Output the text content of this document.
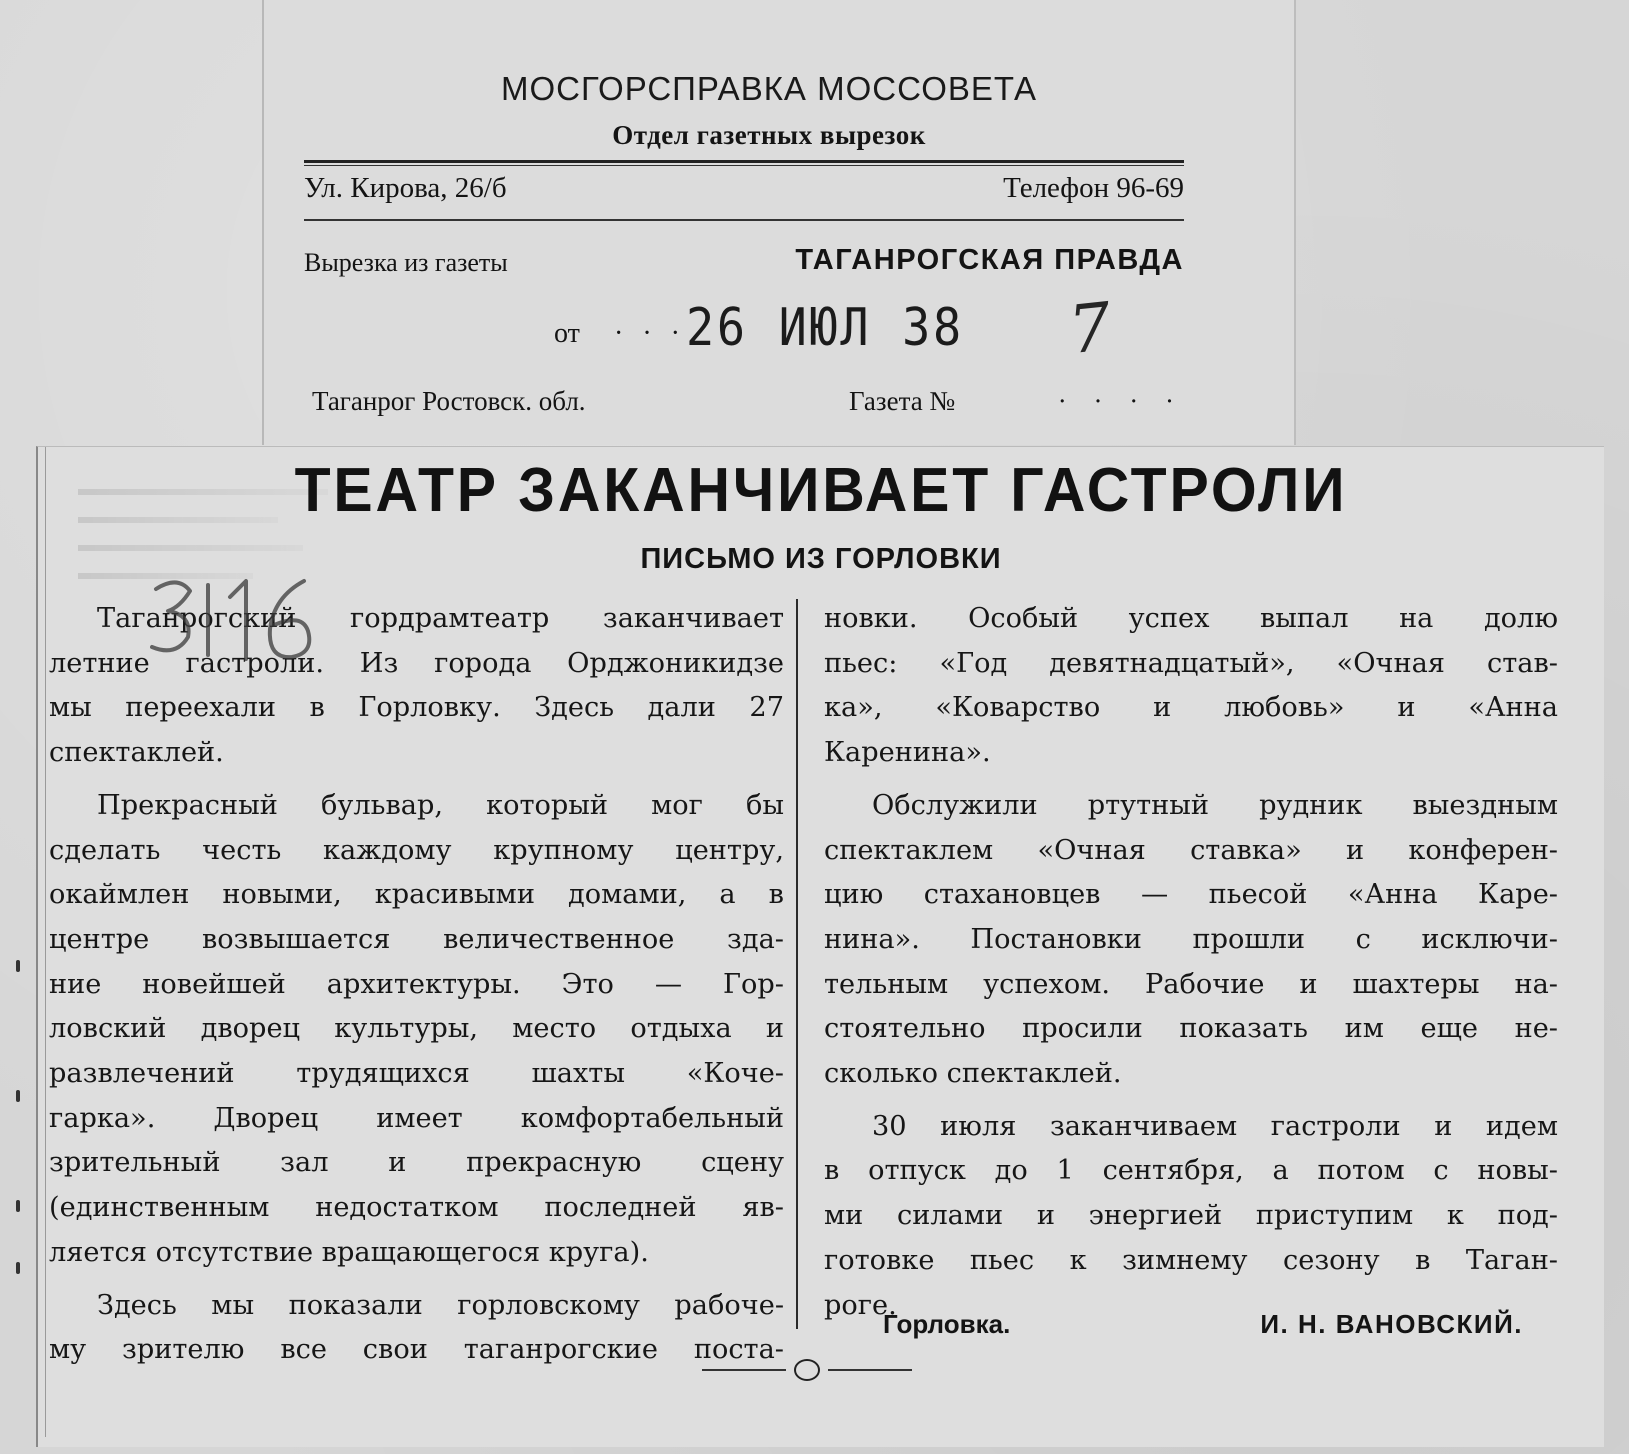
МОСГОРСПРАВКА МОССОВЕТА
Отдел газетных вырезок
Ул. Кирова, 26/б	Телефон 96-69
Вырезка из газеты	ТАГАНРОГСКАЯ ПРАВДА
от · · · 26 ИЮЛ 38 7
Таганрог Ростовск. обл.	Газета №	· · · ·
ТЕАТР ЗАКАНЧИВАЕТ ГАСТРОЛИ
ПИСЬМО ИЗ ГОРЛОВКИ

Таганрогский гордрамтеатр заканчивает
летние гастроли. Из города Орджоникидзе
мы переехали в Горловку. Здесь дали 27
спектаклей.

Прекрасный бульвар, который мог бы
сделать честь каждому крупному центру,
окаймлен новыми, красивыми домами, а в
центре возвышается величественное зда-
ние новейшей архитектуры. Это — Гор-
ловский дворец культуры, место отдыха и
развлечений трудящихся шахты «Коче-
гарка». Дворец имеет комфортабельный
зрительный зал и прекрасную сцену
(единственным недостатком последней яв-
ляется отсутствие вращающегося круга).

Здесь мы показали горловскому рабоче-
му зрителю все свои таганрогские поста-

новки. Особый успех выпал на долю
пьес: «Год девятнадцатый», «Очная став-
ка», «Коварство и любовь» и «Анна
Каренина».

Обслужили ртутный рудник выездным
спектаклем «Очная ставка» и конферен-
цию стахановцев — пьесой «Анна Каре-
нина». Постановки прошли с исключи-
тельным успехом. Рабочие и шахтеры на-
стоятельно просили показать им еще не-
сколько спектаклей.

30 июля заканчиваем гастроли и идем
в отпуск до 1 сентября, а потом с новы-
ми силами и энергией приступим к под-
готовке пьес к зимнему сезону в Таган-
роге.

Горловка.	И. Н. ВАНОВСКИЙ.
